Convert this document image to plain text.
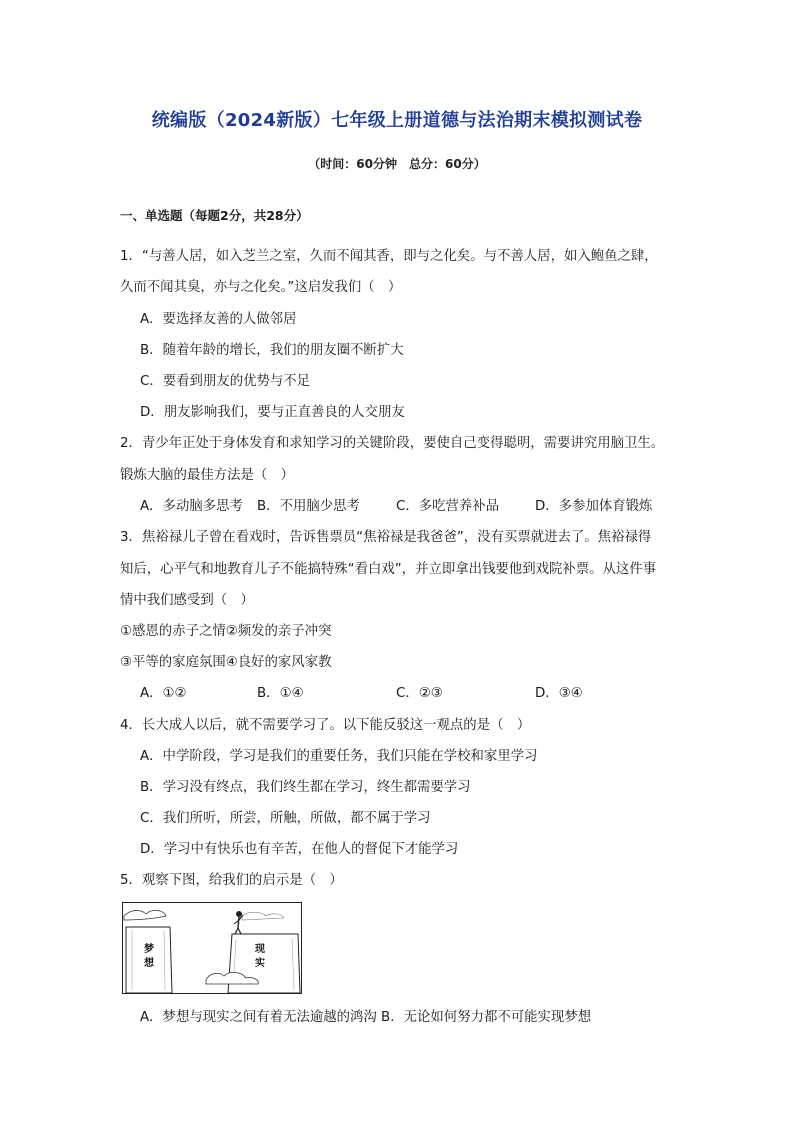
统编版（2024新版）七年级上册道德与法治期末模拟测试卷
（时间：60分钟　总分：60分）
一、单选题（每题2分，共28分）
1．“与善人居，如入芝兰之室，久而不闻其香，即与之化矣。与不善人居，如入鲍鱼之肆，
久而不闻其臭，亦与之化矣。”这启发我们（　）
A．要选择友善的人做邻居
B．随着年龄的增长，我们的朋友圈不断扩大
C．要看到朋友的优势与不足
D．朋友影响我们，要与正直善良的人交朋友
2．青少年正处于身体发育和求知学习的关键阶段，要使自己变得聪明，需要讲究用脑卫生。
锻炼大脑的最佳方法是（　）
A．多动脑多思考 B．不用脑少思考	C．多吃营养补品	D．多参加体育锻炼
3．焦裕禄儿子曾在看戏时，告诉售票员“焦裕禄是我爸爸”，没有买票就进去了。焦裕禄得
知后，心平气和地教育儿子不能搞特殊“看白戏”，并立即拿出钱要他到戏院补票。从这件事
情中我们感受到（　）
①感恩的赤子之情②频发的亲子冲突
③平等的家庭氛围④良好的家风家教
A．①②	B．①④	C．②③	D．③④
4．长大成人以后，就不需要学习了。以下能反驳这一观点的是（　）
A．中学阶段，学习是我们的重要任务，我们只能在学校和家里学习
B．学习没有终点，我们终生都在学习，终生都需要学习
C．我们所听，所尝，所触，所做，都不属于学习
D．学习中有快乐也有辛苦，在他人的督促下才能学习
5．观察下图，给我们的启示是（　）
梦
想
现
实
A．梦想与现实之间有着无法逾越的鸿沟 B．无论如何努力都不可能实现梦想
